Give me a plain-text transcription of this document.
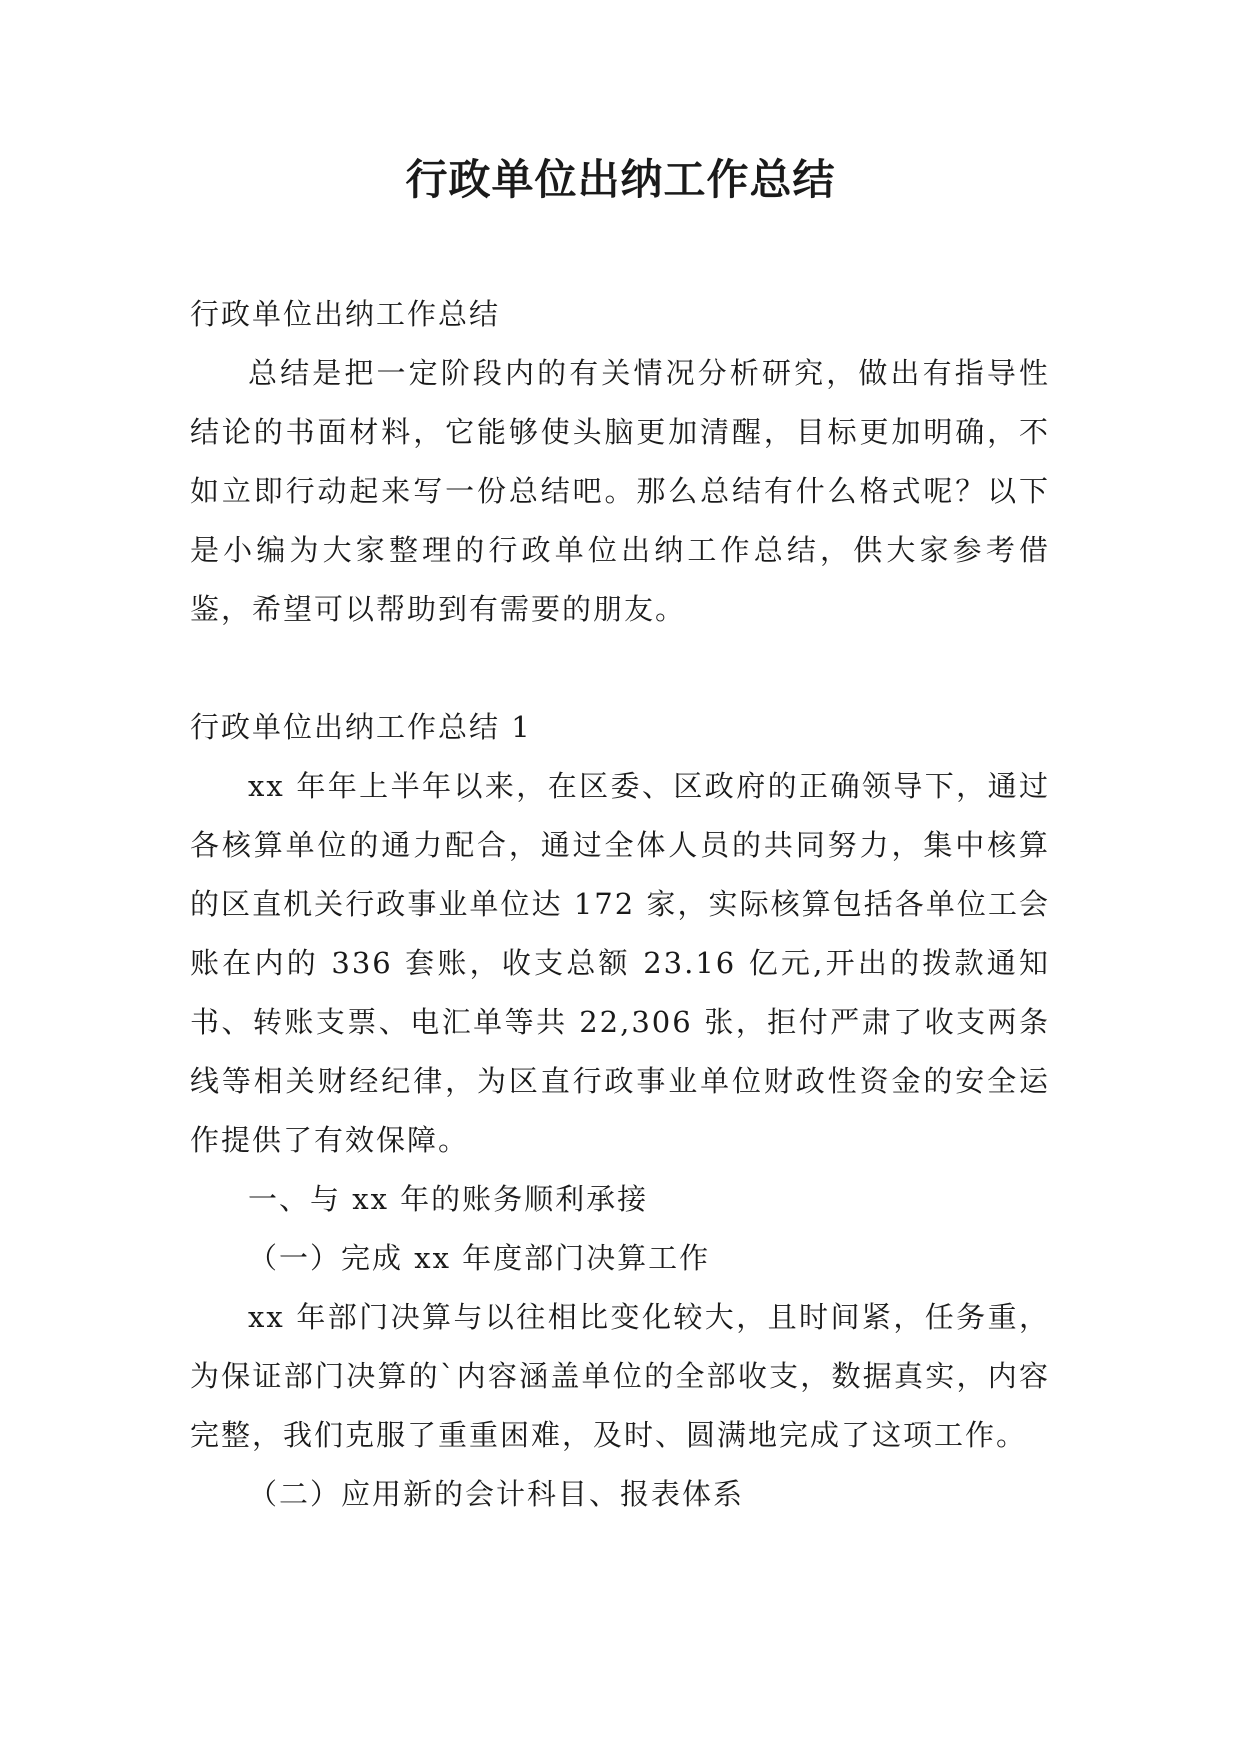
行政单位出纳工作总结

行政单位出纳工作总结

总结是把一定阶段内的有关情况分析研究，做出有指导性结论的书面材料，它能够使头脑更加清醒，目标更加明确，不如立即行动起来写一份总结吧。那么总结有什么格式呢？以下是小编为大家整理的行政单位出纳工作总结，供大家参考借鉴，希望可以帮助到有需要的朋友。

行政单位出纳工作总结 1

xx 年年上半年以来，在区委、区政府的正确领导下，通过各核算单位的通力配合，通过全体人员的共同努力，集中核算的区直机关行政事业单位达 172 家，实际核算包括各单位工会账在内的 336 套账，收支总额 23.16 亿元,开出的拨款通知书、转账支票、电汇单等共 22,306 张，拒付严肃了收支两条线等相关财经纪律，为区直行政事业单位财政性资金的安全运作提供了有效保障。

一、与 xx 年的账务顺利承接

（一）完成 xx 年度部门决算工作

xx 年部门决算与以往相比变化较大，且时间紧，任务重，为保证部门决算的`内容涵盖单位的全部收支，数据真实，内容完整，我们克服了重重困难，及时、圆满地完成了这项工作。

（二）应用新的会计科目、报表体系
